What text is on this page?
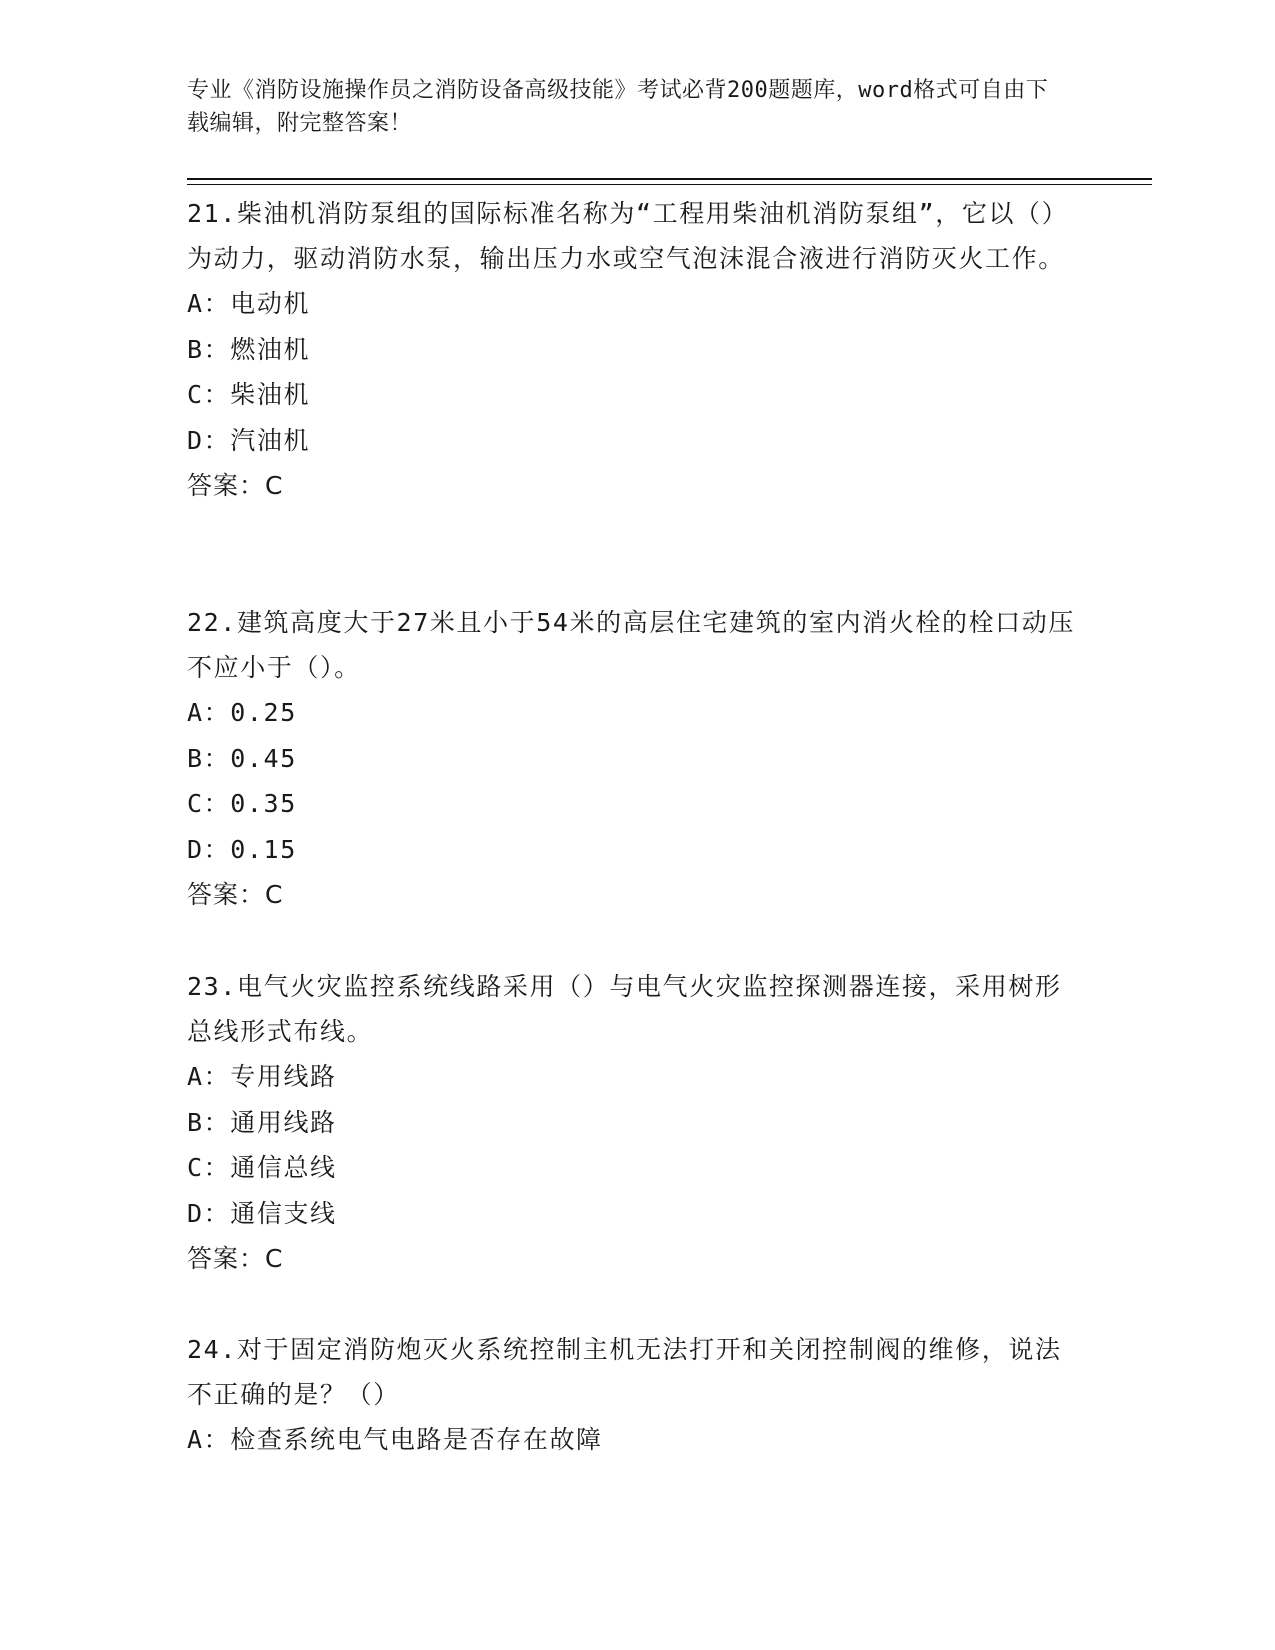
专业《消防设施操作员之消防设备高级技能》考试必背200题题库，word格式可自由下载编辑，附完整答案！

21.柴油机消防泵组的国际标准名称为“工程用柴油机消防泵组”，它以（）为动力，驱动消防水泵，输出压力水或空气泡沫混合液进行消防灭火工作。

A：电动机

B：燃油机

C：柴油机

D：汽油机

答案：C

22.建筑高度大于27米且小于54米的高层住宅建筑的室内消火栓的栓口动压不应小于（）。

A：0.25

B：0.45

C：0.35

D：0.15

答案：C

23.电气火灾监控系统线路采用（）与电气火灾监控探测器连接，采用树形总线形式布线。

A：专用线路

B：通用线路

C：通信总线

D：通信支线

答案：C

24.对于固定消防炮灭火系统控制主机无法打开和关闭控制阀的维修，说法不正确的是？（）

A：检查系统电气电路是否存在故障
